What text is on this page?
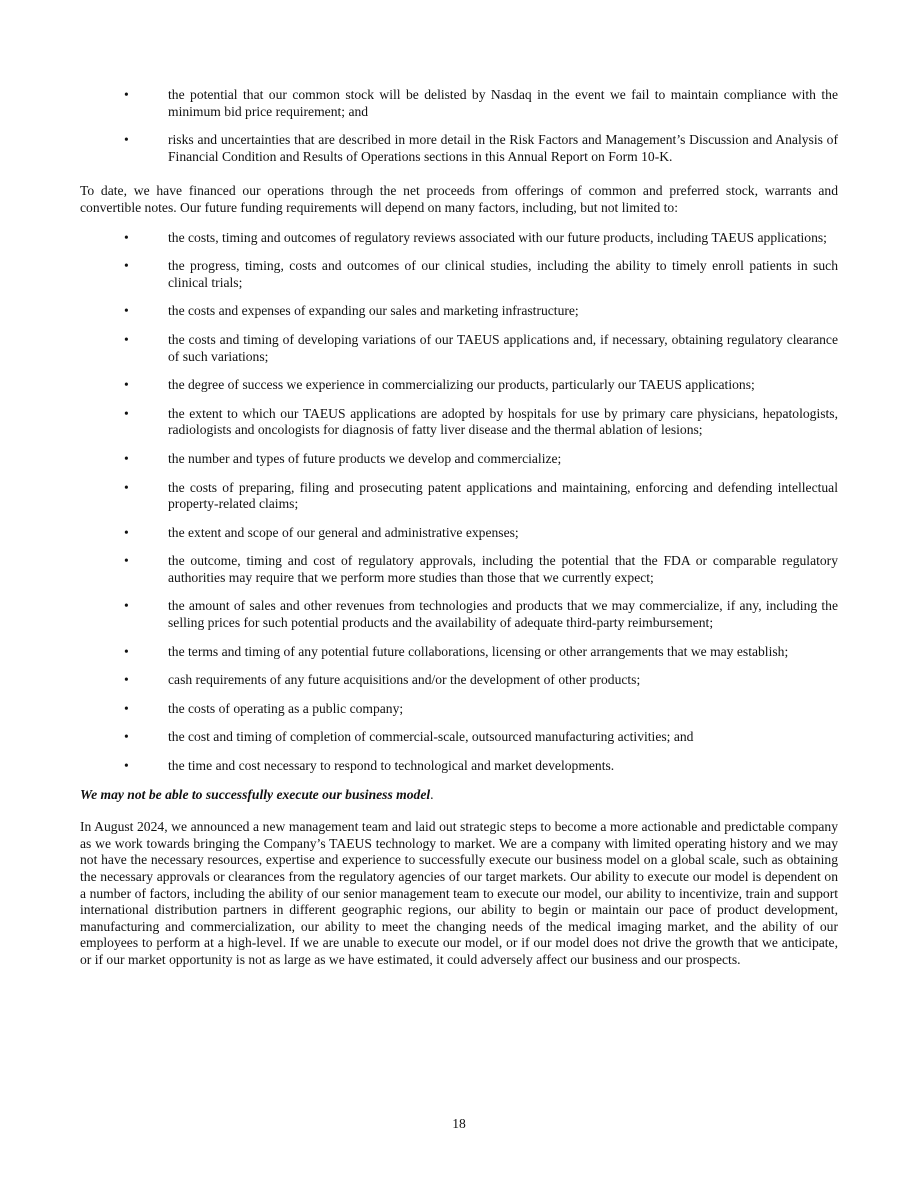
•	the potential that our common stock will be delisted by Nasdaq in the event we fail to maintain compliance with the minimum bid price requirement; and
•	risks and uncertainties that are described in more detail in the Risk Factors and Management’s Discussion and Analysis of Financial Condition and Results of Operations sections in this Annual Report on Form 10-K.

To date, we have financed our operations through the net proceeds from offerings of common and preferred stock, warrants and convertible notes. Our future funding requirements will depend on many factors, including, but not limited to:

•	the costs, timing and outcomes of regulatory reviews associated with our future products, including TAEUS applications;
•	the progress, timing, costs and outcomes of our clinical studies, including the ability to timely enroll patients in such clinical trials;
•	the costs and expenses of expanding our sales and marketing infrastructure;
•	the costs and timing of developing variations of our TAEUS applications and, if necessary, obtaining regulatory clearance of such variations;
•	the degree of success we experience in commercializing our products, particularly our TAEUS applications;
•	the extent to which our TAEUS applications are adopted by hospitals for use by primary care physicians, hepatologists, radiologists and oncologists for diagnosis of fatty liver disease and the thermal ablation of lesions;
•	the number and types of future products we develop and commercialize;
•	the costs of preparing, filing and prosecuting patent applications and maintaining, enforcing and defending intellectual property-related claims;
•	the extent and scope of our general and administrative expenses;
•	the outcome, timing and cost of regulatory approvals, including the potential that the FDA or comparable regulatory authorities may require that we perform more studies than those that we currently expect;
•	the amount of sales and other revenues from technologies and products that we may commercialize, if any, including the selling prices for such potential products and the availability of adequate third-party reimbursement;
•	the terms and timing of any potential future collaborations, licensing or other arrangements that we may establish;
•	cash requirements of any future acquisitions and/or the development of other products;
•	the costs of operating as a public company;
•	the cost and timing of completion of commercial-scale, outsourced manufacturing activities; and
•	the time and cost necessary to respond to technological and market developments.

We may not be able to successfully execute our business model.

In August 2024, we announced a new management team and laid out strategic steps to become a more actionable and predictable company as we work towards bringing the Company’s TAEUS technology to market. We are a company with limited operating history and we may not have the necessary resources, expertise and experience to successfully execute our business model on a global scale, such as obtaining the necessary approvals or clearances from the regulatory agencies of our target markets. Our ability to execute our model is dependent on a number of factors, including the ability of our senior management team to execute our model, our ability to incentivize, train and support international distribution partners in different geographic regions, our ability to begin or maintain our pace of product development, manufacturing and commercialization, our ability to meet the changing needs of the medical imaging market, and the ability of our employees to perform at a high-level. If we are unable to execute our model, or if our model does not drive the growth that we anticipate, or if our market opportunity is not as large as we have estimated, it could adversely affect our business and our prospects.

18
